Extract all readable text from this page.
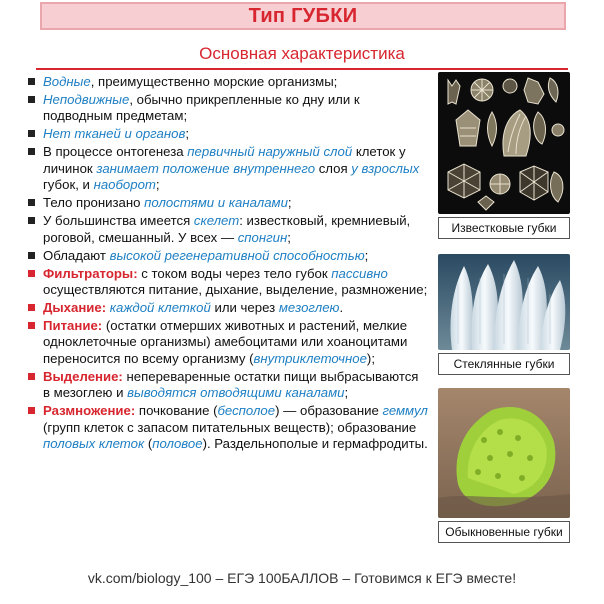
Тип ГУБКИ
Основная характеристика
Водные, преимущественно морские организмы;
Неподвижные, обычно прикрепленные ко дну или к подводным предметам;
Нет тканей и органов;
В процессе онтогенеза первичный наружный слой клеток у личинок занимает положение внутреннего слоя у взрослых губок, и наоборот;
Тело пронизано полостями и каналами;
У большинства имеется скелет: известковый, кремниевый, роговой, смешанный. У всех — спонгин;
Обладают высокой регенеративной способностью;
Фильтраторы: с током воды через тело губок пассивно осуществляются питание, дыхание, выделение, размножение;
Дыхание: каждой клеткой или через мезоглею.
Питание: (остатки отмерших животных и растений, мелкие одноклеточные организмы) амебоцитами или хоаноцитами переносится по всему организму (внутриклеточное);
Выделение: непереваренные остатки пищи выбрасываются в мезоглею и выводятся отводящими каналами;
Размножение: почкование (бесполое) — образование геммул (групп клеток с запасом питательных веществ); образование половых клеток (половое). Раздельнополые и гермафродиты.
Известковые губки
Стеклянные губки
Обыкновенные губки
vk.com/biology_100 – ЕГЭ 100БАЛЛОВ – Готовимся к ЕГЭ вместе!
